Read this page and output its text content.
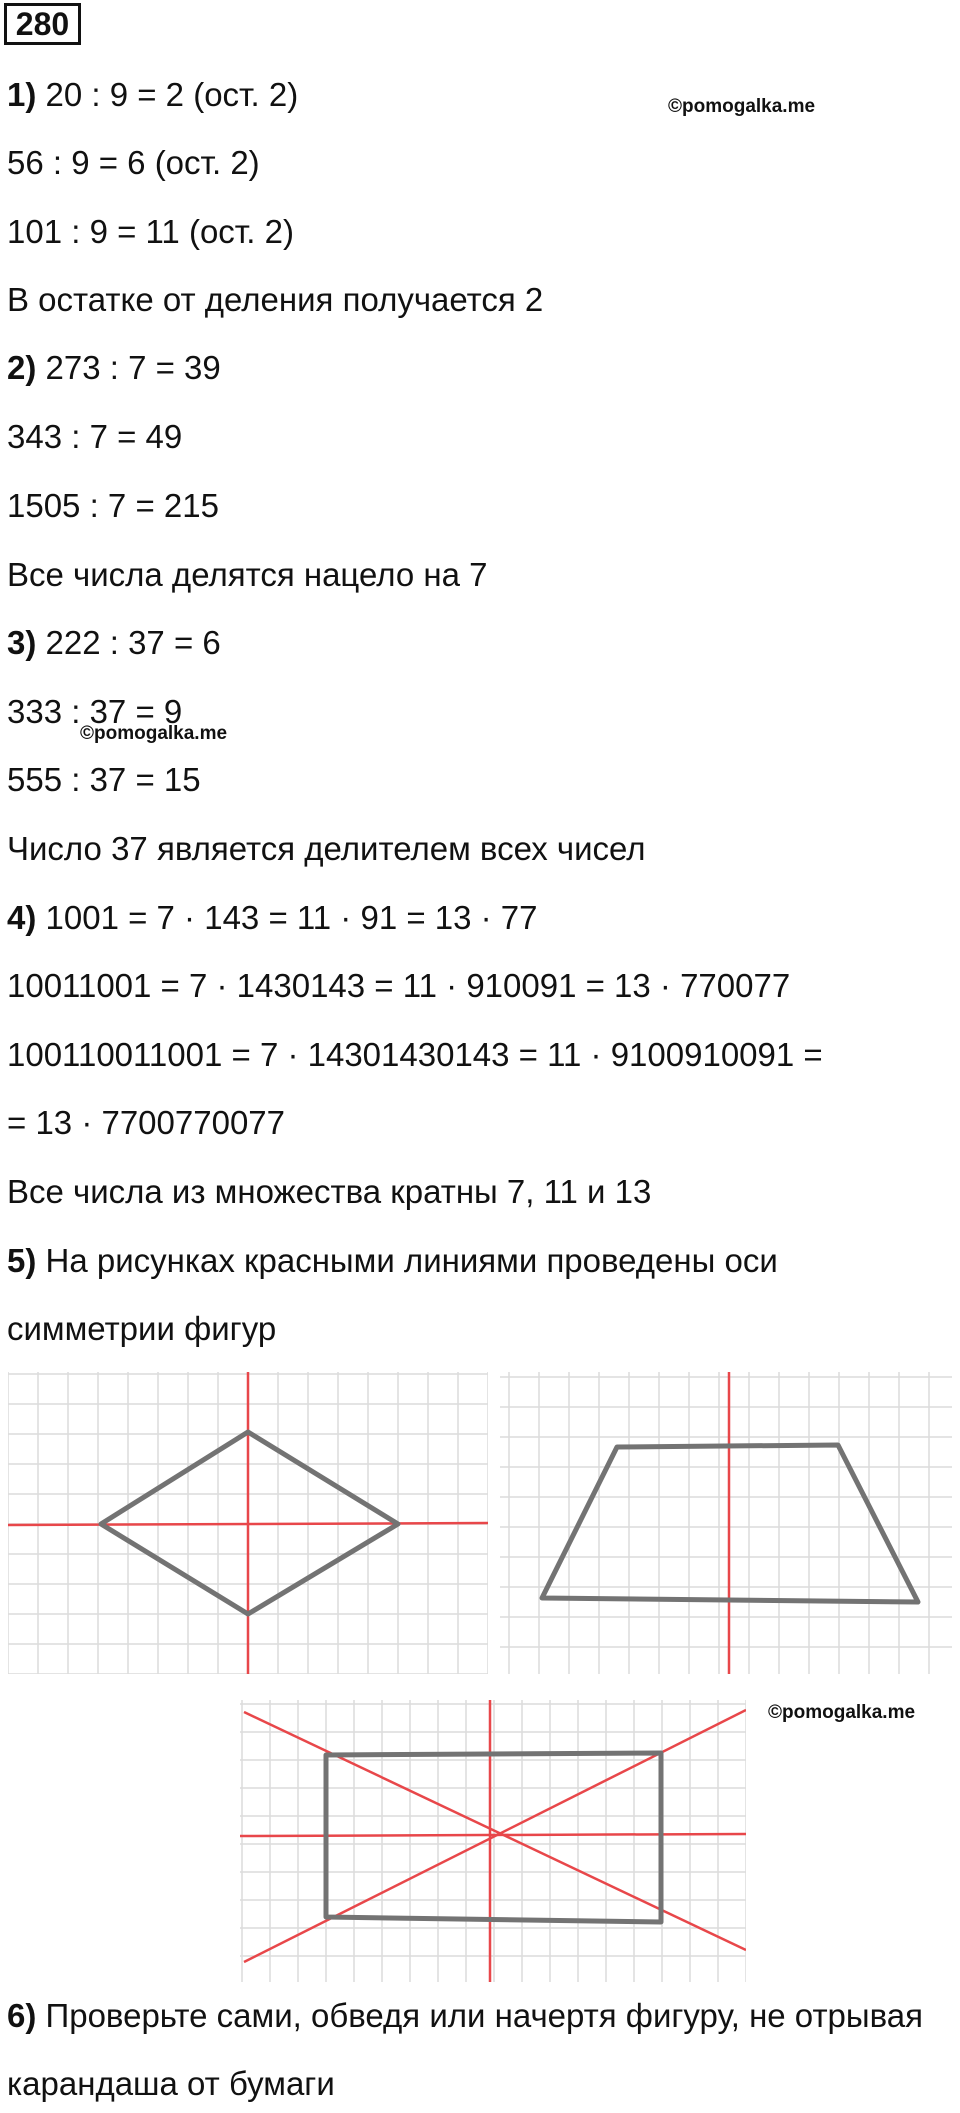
280
©pomogalka.me
1) 20 : 9 = 2 (ост. 2)
56 : 9 = 6 (ост. 2)
101 : 9 = 11 (ост. 2)
В остатке от деления получается 2
2) 273 : 7 = 39
343 : 7 = 49
1505 : 7 = 215
Все числа делятся нацело на 7
3) 222 : 37 = 6
333 : 37 = 9
©pomogalka.me
555 : 37 = 15
Число 37 является делителем всех чисел
4) 1001 = 7 · 143 = 11 · 91 = 13 · 77
10011001 = 7 · 1430143 = 11 · 910091 = 13 · 770077
100110011001 = 7 · 14301430143 = 11 · 9100910091 =
= 13 · 7700770077
Все числа из множества кратны 7, 11 и 13
5) На рисунках красными линиями проведены оси
симметрии фигур
©pomogalka.me
6) Проверьте сами, обведя или начертя фигуру, не отрывая
карандаша от бумаги
